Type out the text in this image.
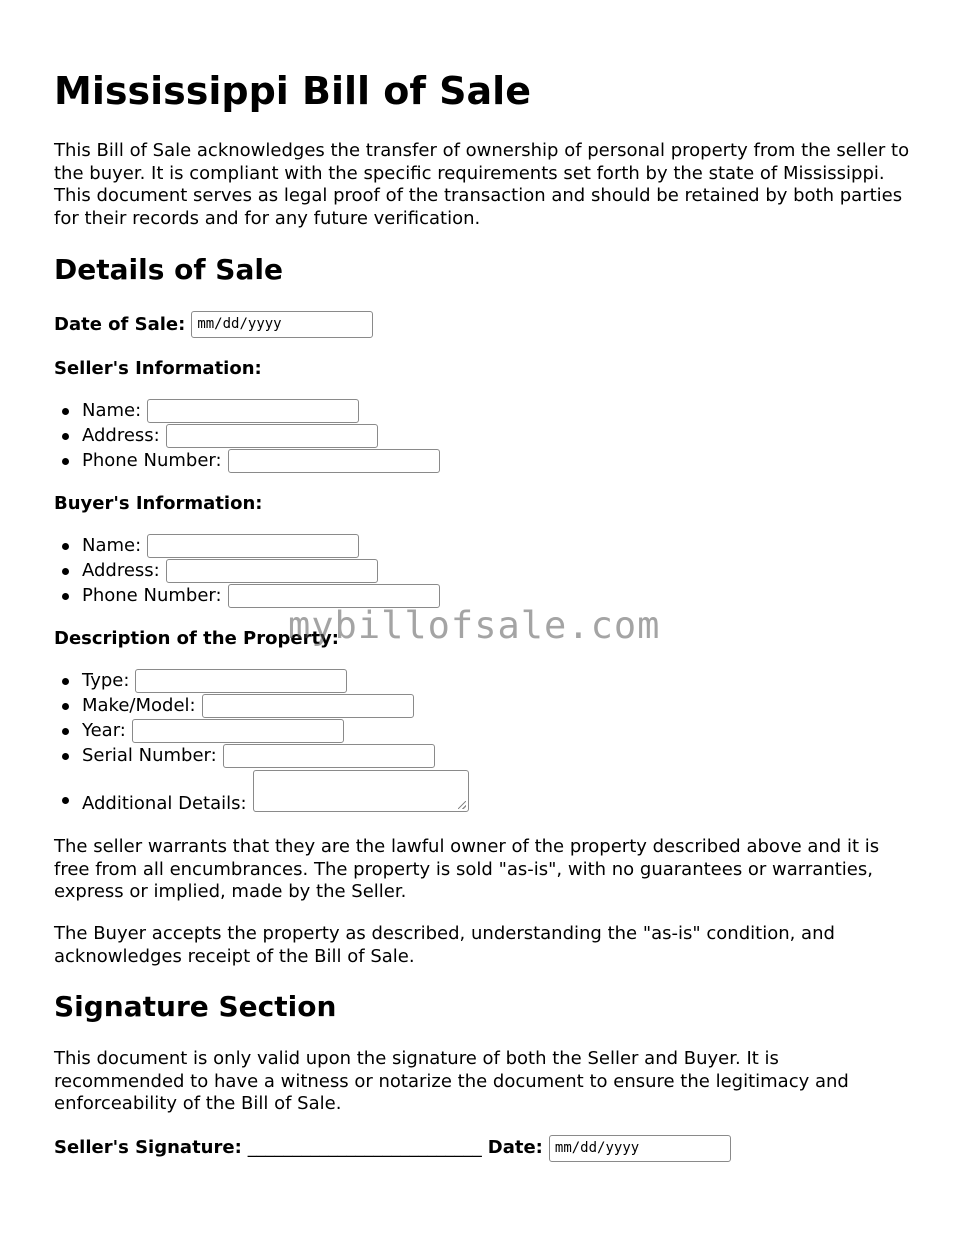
Mississippi Bill of Sale

This Bill of Sale acknowledges the transfer of ownership of personal property from the seller to the buyer. It is compliant with the specific requirements set forth by the state of Mississippi. This document serves as legal proof of the transaction and should be retained by both parties for their records and for any future verification.

Details of Sale
Date of Sale: mm/dd/yyyy
Seller's Information:
Name:
Address:
Phone Number:
Buyer's Information:
Name:
Address:
Phone Number:
Description of the Property:
Type:
Make/Model:
Year:
Serial Number:
Additional Details:

The seller warrants that they are the lawful owner of the property described above and it is free from all encumbrances. The property is sold "as-is", with no guarantees or warranties, express or implied, made by the Seller.

The Buyer accepts the property as described, understanding the "as-is" condition, and acknowledges receipt of the Bill of Sale.

Signature Section

This document is only valid upon the signature of both the Seller and Buyer. It is recommended to have a witness or notarize the document to ensure the legitimacy and enforceability of the Bill of Sale.

Seller's Signature: __________________________ Date: mm/dd/yyyy
mybillofsale.com
